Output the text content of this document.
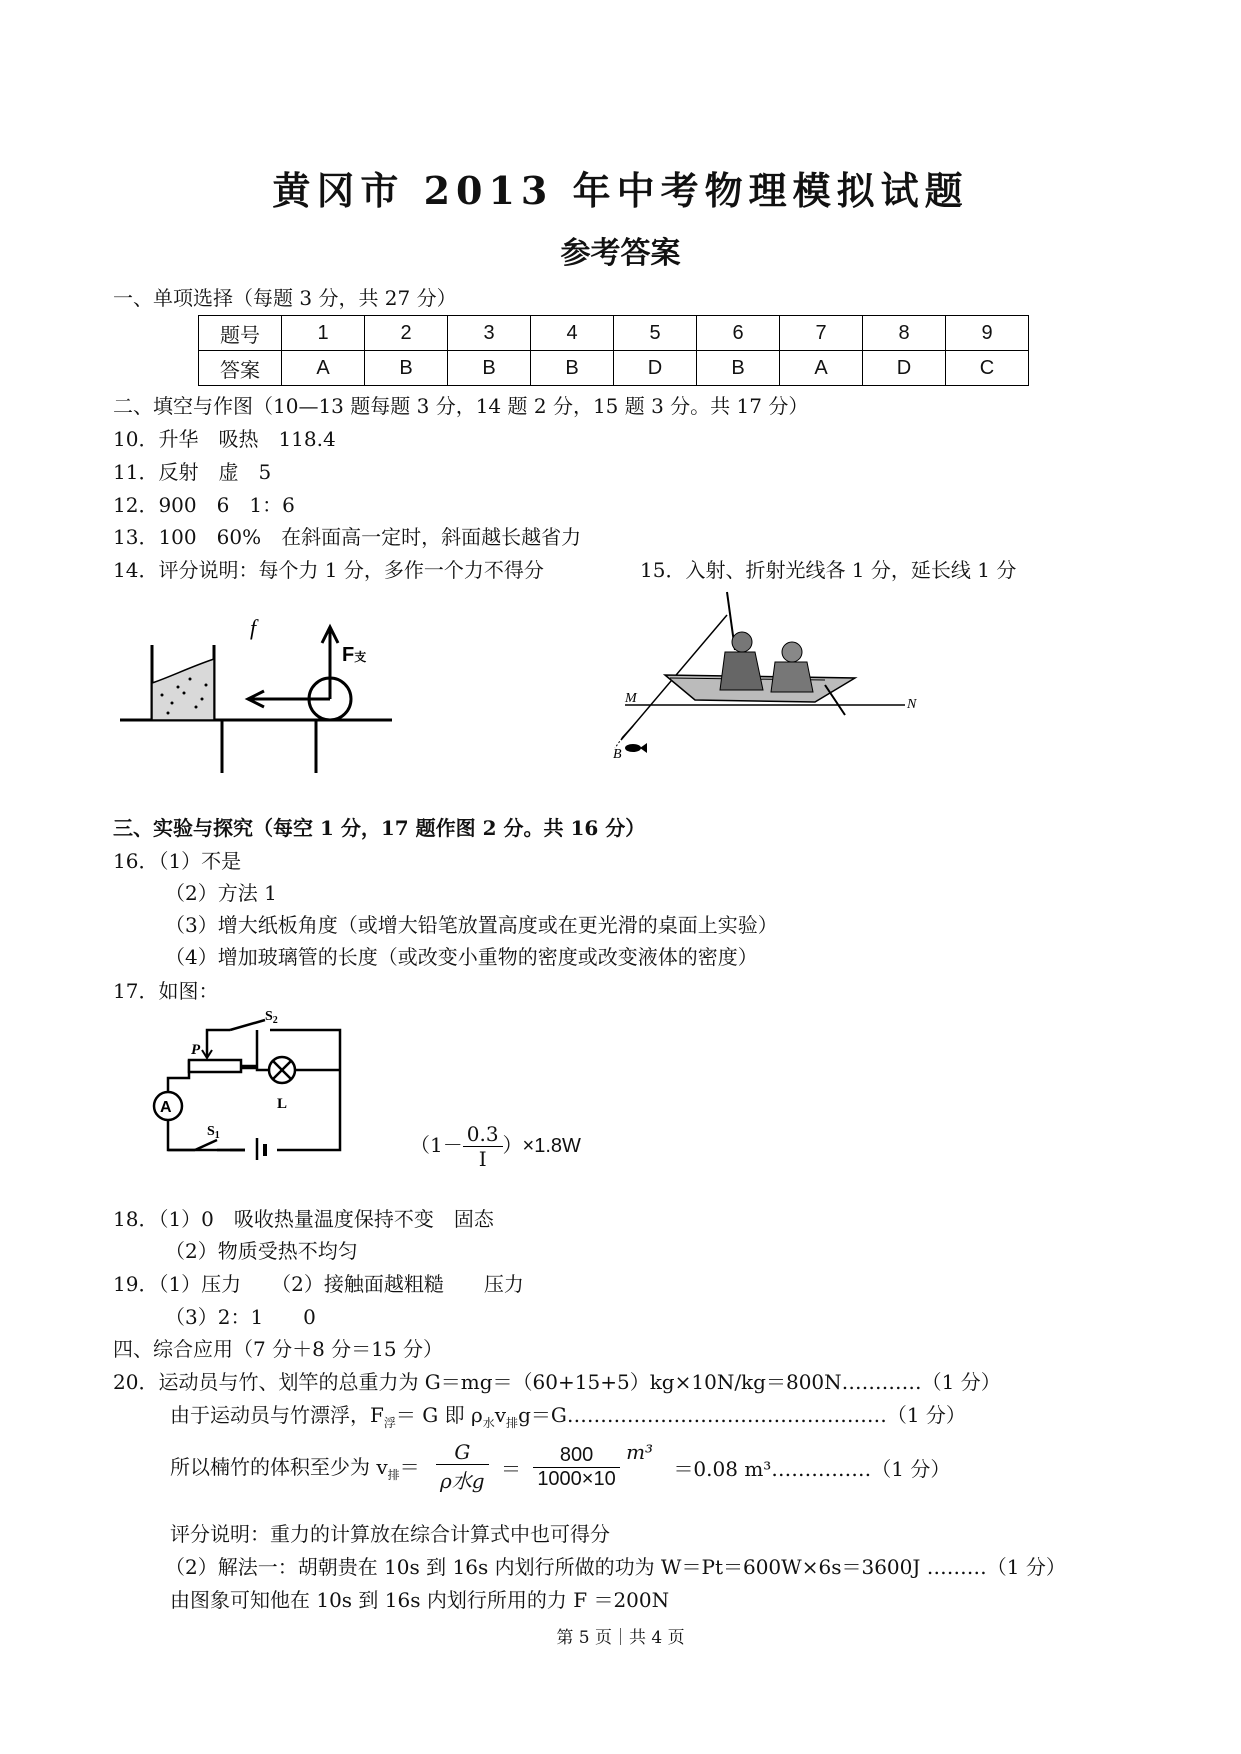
黄冈市 2013 年中考物理模拟试题
参考答案
一、单项选择（每题 3 分，共 27 分）
题号	1	2	3	4	5	6	7	8	9
答案	A	B	B	B	D	B	A	D	C
二、填空与作图（10—13 题每题 3 分，14 题 2 分，15 题 3 分。共 17 分）
10．升华　吸热　118.4
11．反射　虚　5
12．900　6　1：6
13．100　60%　在斜面高一定时，斜面越长越省力
14．评分说明：每个力 1 分，多作一个力不得分	15．入射、折射光线各 1 分，延长线 1 分
f
F支
M	N
B
三、实验与探究（每空 1 分，17 题作图 2 分。共 16 分）
16．（1）不是
（2）方法 1
（3）增大纸板角度（或增大铅笔放置高度或在更光滑的桌面上实验）
（4）增加玻璃管的长度（或改变小重物的密度或改变液体的密度）
17．如图：
A
P
L
$S_2$
$S_1$	$(1- \frac{0.3}{I} )\times 1.8W$
18．（1）0　吸收热量温度保持不变　固态
（2）物质受热不均匀
19．（1）压力　　（2）接触面越粗糙　　压力
（3）2：1　　0
四、综合应用（7 分＋8 分＝15 分）
20．运动员与竹、划竿的总重力为 G＝mg＝（60+15+5）kg×10N/kg＝800N…………（1 分）
由于运动员与竹漂浮，$F_浮= G$ 即 $\rho_水v_排g=G\dots\dots\dots\dots\dots\dots\dots\dots\dots\dots\dots\dots\dots\dots\dots\dots(1$ 分）
所以楠竹的体积至少为 $v_排= \frac{G}{\text{ρ水g}} = \frac{800}{1000\times 10} m^3 =0.08$ m³……………（1 分）
评分说明：重力的计算放在综合计算式中也可得分
（2）解法一：胡朝贵在 10s 到 16s 内划行所做的功为 W＝Pt＝600W×6s＝3600J ………（1 分）
由图象可知他在 10s 到 16s 内划行所用的力 F ＝200N
第 5 页｜共 4 页
